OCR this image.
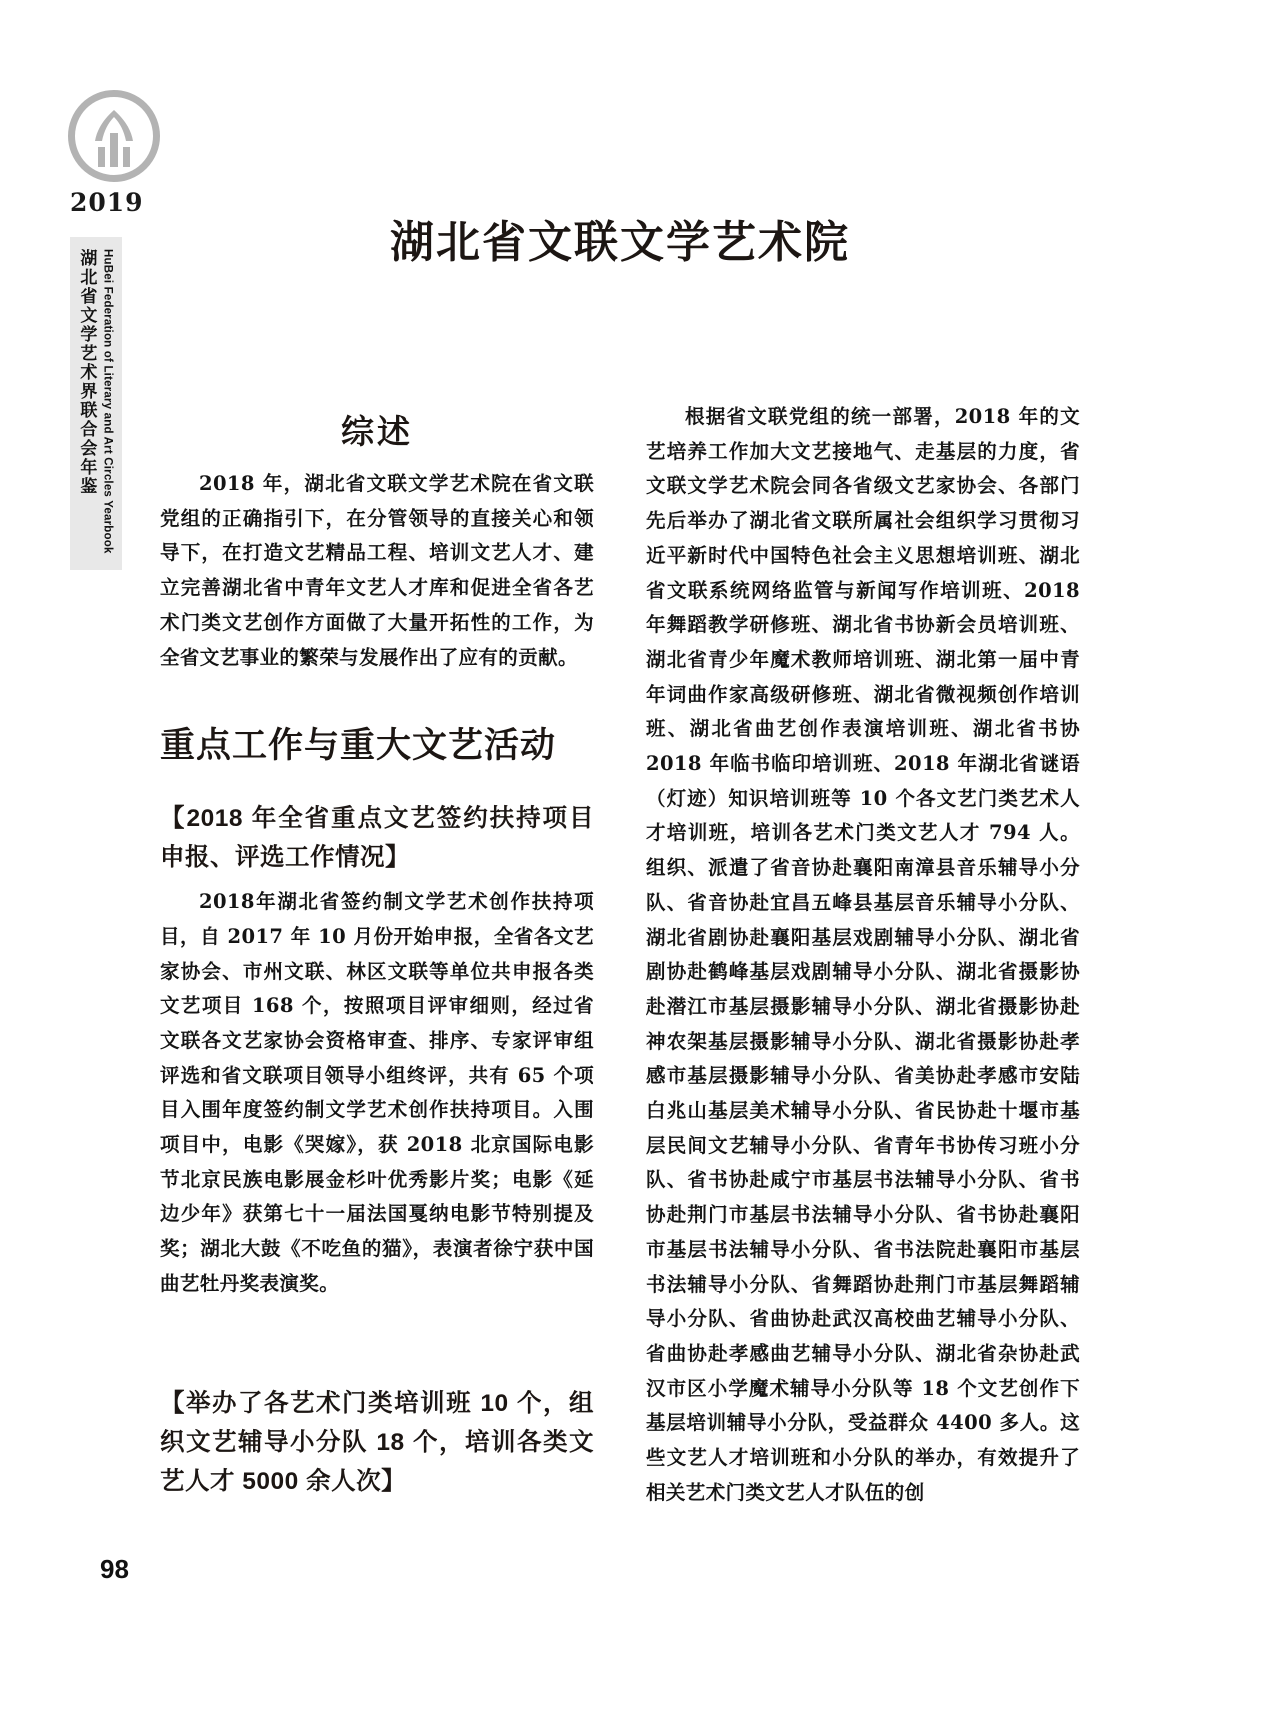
2019
湖北省文学艺术界联合会年鉴 HuBei Federation of Literary and Art Circles Yearbook
湖北省文联文学艺术院
综述

2018 年，湖北省文联文学艺术院在省文联党组的正确指引下，在分管领导的直接关心和领导下，在打造文艺精品工程、培训文艺人才、建立完善湖北省中青年文艺人才库和促进全省各艺术门类文艺创作方面做了大量开拓性的工作，为全省文艺事业的繁荣与发展作出了应有的贡献。

重点工作与重大文艺活动
【2018 年全省重点文艺签约扶持项目申报、评选工作情况】

2018年湖北省签约制文学艺术创作扶持项目，自 2017 年 10 月份开始申报，全省各文艺家协会、市州文联、林区文联等单位共申报各类文艺项目 168 个，按照项目评审细则，经过省文联各文艺家协会资格审查、排序、专家评审组评选和省文联项目领导小组终评，共有 65 个项目入围年度签约制文学艺术创作扶持项目。入围项目中，电影《哭嫁》，获 2018 北京国际电影节北京民族电影展金杉叶优秀影片奖；电影《延边少年》获第七十一届法国戛纳电影节特别提及奖；湖北大鼓《不吃鱼的猫》，表演者徐宁获中国曲艺牡丹奖表演奖。

【举办了各艺术门类培训班 10 个，组织文艺辅导小分队 18 个，培训各类文艺人才 5000 余人次】

根据省文联党组的统一部署，2018 年的文艺培养工作加大文艺接地气、走基层的力度，省文联文学艺术院会同各省级文艺家协会、各部门先后举办了湖北省文联所属社会组织学习贯彻习近平新时代中国特色社会主义思想培训班、湖北省文联系统网络监管与新闻写作培训班、2018 年舞蹈教学研修班、湖北省书协新会员培训班、湖北省青少年魔术教师培训班、湖北第一届中青年词曲作家高级研修班、湖北省微视频创作培训班、湖北省曲艺创作表演培训班、湖北省书协 2018 年临书临印培训班、2018 年湖北省谜语（灯迹）知识培训班等 10 个各文艺门类艺术人才培训班，培训各艺术门类文艺人才 794 人。组织、派遣了省音协赴襄阳南漳县音乐辅导小分队、省音协赴宜昌五峰县基层音乐辅导小分队、湖北省剧协赴襄阳基层戏剧辅导小分队、湖北省剧协赴鹤峰基层戏剧辅导小分队、湖北省摄影协赴潜江市基层摄影辅导小分队、湖北省摄影协赴神农架基层摄影辅导小分队、湖北省摄影协赴孝感市基层摄影辅导小分队、省美协赴孝感市安陆白兆山基层美术辅导小分队、省民协赴十堰市基层民间文艺辅导小分队、省青年书协传习班小分队、省书协赴咸宁市基层书法辅导小分队、省书协赴荆门市基层书法辅导小分队、省书协赴襄阳市基层书法辅导小分队、省书法院赴襄阳市基层书法辅导小分队、省舞蹈协赴荆门市基层舞蹈辅导小分队、省曲协赴武汉高校曲艺辅导小分队、省曲协赴孝感曲艺辅导小分队、湖北省杂协赴武汉市区小学魔术辅导小分队等 18 个文艺创作下基层培训辅导小分队，受益群众 4400 多人。这些文艺人才培训班和小分队的举办，有效提升了相关艺术门类文艺人才队伍的创

98
